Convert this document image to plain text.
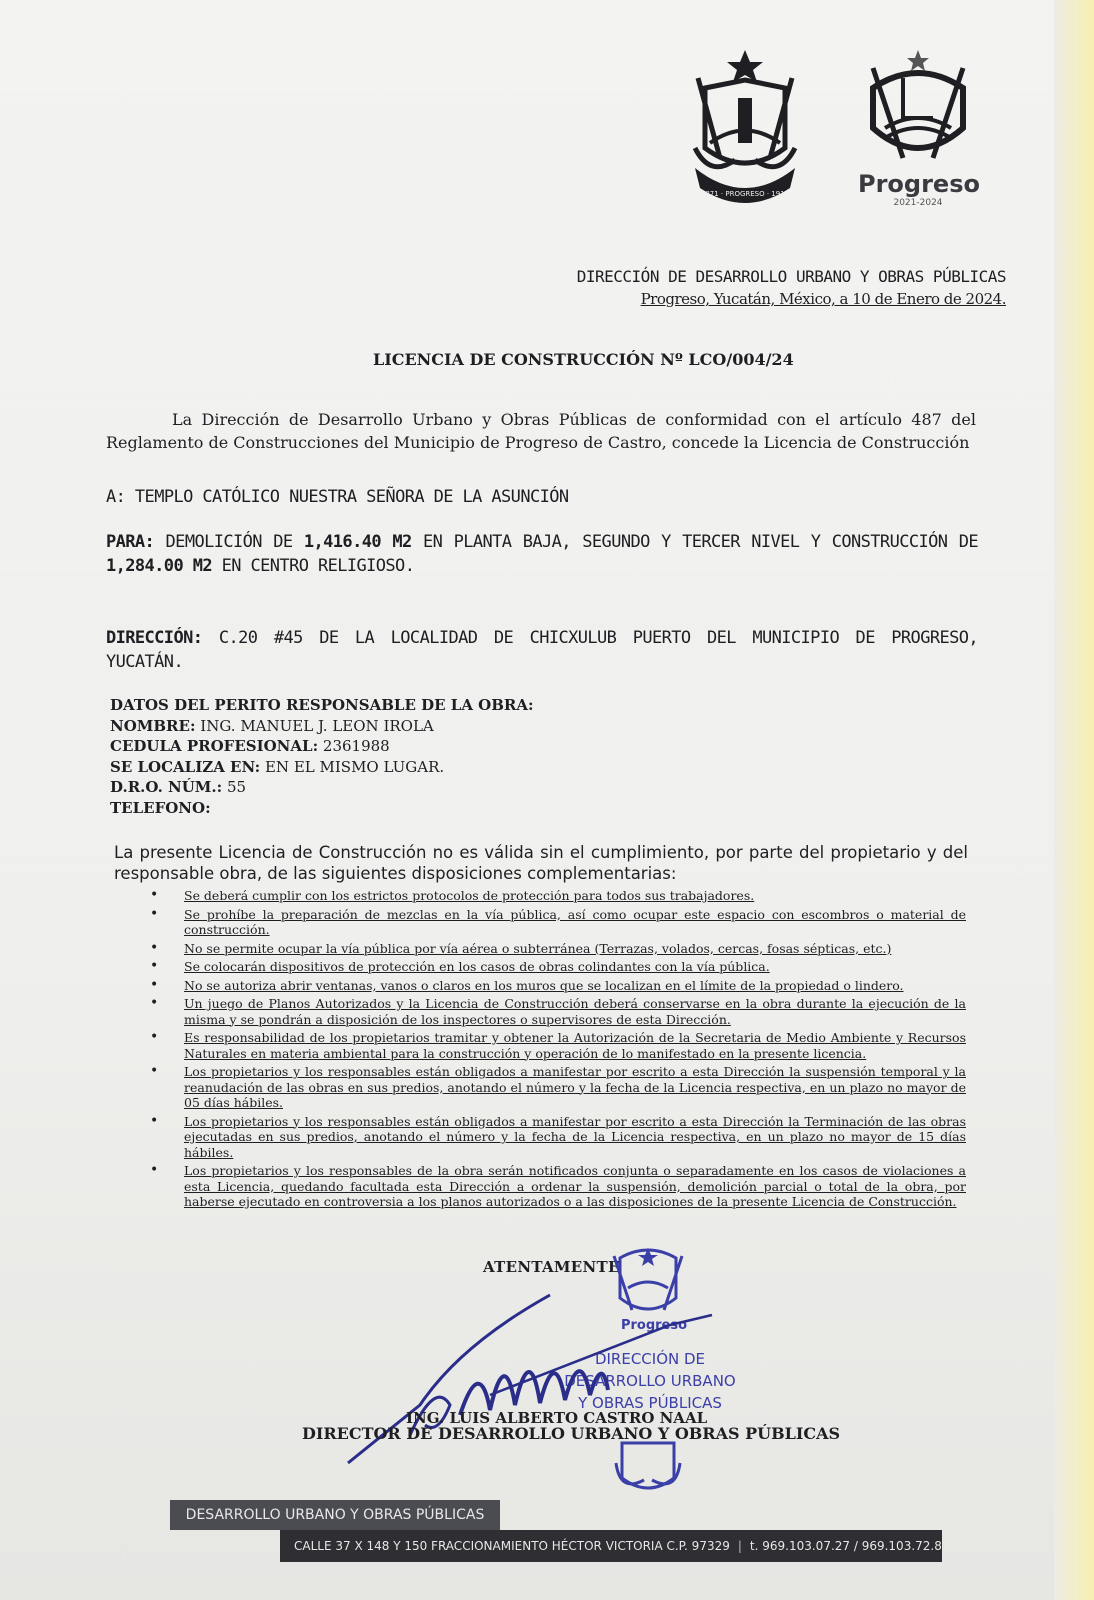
1871 · PROGRESO · 1911	Progreso
2021-2024
DIRECCIÓN DE DESARROLLO URBANO Y OBRAS PÚBLICAS
Progreso, Yucatán, México, a 10 de Enero de 2024.
LICENCIA DE CONSTRUCCIÓN Nº LCO/004/24
La Dirección de Desarrollo Urbano y Obras Públicas de conformidad con el artículo 487 del Reglamento de Construcciones del Municipio de Progreso de Castro, concede la Licencia de Construcción
A: TEMPLO CATÓLICO NUESTRA SEÑORA DE LA ASUNCIÓN
PARA: DEMOLICIÓN DE 1,416.40 M2 EN PLANTA BAJA, SEGUNDO Y TERCER NIVEL Y CONSTRUCCIÓN DE 1,284.00 M2 EN CENTRO RELIGIOSO.
DIRECCIÓN: C.20 #45 DE LA LOCALIDAD DE CHICXULUB PUERTO DEL MUNICIPIO DE PROGRESO, YUCATÁN.
DATOS DEL PERITO RESPONSABLE DE LA OBRA:
NOMBRE: ING. MANUEL J. LEON IROLA
CEDULA PROFESIONAL: 2361988
SE LOCALIZA EN: EN EL MISMO LUGAR.
D.R.O. NÚM.: 55
TELEFONO:
La presente Licencia de Construcción no es válida sin el cumplimiento, por parte del propietario y del responsable obra, de las siguientes disposiciones complementarias:
• Se deberá cumplir con los estrictos protocolos de protección para todos sus trabajadores.
• Se prohíbe la preparación de mezclas en la vía pública, así como ocupar este espacio con escombros o material de construcción.
• No se permite ocupar la vía pública por vía aérea o subterránea (Terrazas, volados, cercas, fosas sépticas, etc.)
• Se colocarán dispositivos de protección en los casos de obras colindantes con la vía pública.
• No se autoriza abrir ventanas, vanos o claros en los muros que se localizan en el límite de la propiedad o lindero.
• Un juego de Planos Autorizados y la Licencia de Construcción deberá conservarse en la obra durante la ejecución de la misma y se pondrán a disposición de los inspectores o supervisores de esta Dirección.
• Es responsabilidad de los propietarios tramitar y obtener la Autorización de la Secretaria de Medio Ambiente y Recursos Naturales en materia ambiental para la construcción y operación de lo manifestado en la presente licencia.
• Los propietarios y los responsables están obligados a manifestar por escrito a esta Dirección la suspensión temporal y la reanudación de las obras en sus predios, anotando el número y la fecha de la Licencia respectiva, en un plazo no mayor de 05 días hábiles.
• Los propietarios y los responsables están obligados a manifestar por escrito a esta Dirección la Terminación de las obras ejecutadas en sus predios, anotando el número y la fecha de la Licencia respectiva, en un plazo no mayor de 15 días hábiles.
• Los propietarios y los responsables de la obra serán notificados conjunta o separadamente en los casos de violaciones a esta Licencia, quedando facultada esta Dirección a ordenar la suspensión, demolición parcial o total de la obra, por haberse ejecutado en controversia a los planos autorizados o a las disposiciones de la presente Licencia de Construcción.
ATENTAMENTE
Progreso
DIRECCIÓN DE DESARROLLO URBANO Y OBRAS PÚBLICAS
ING. LUIS ALBERTO CASTRO NAAL
DIRECTOR DE DESARROLLO URBANO Y OBRAS PÚBLICAS
DESARROLLO URBANO Y OBRAS PÚBLICAS
CALLE 37 X 148 Y 150 FRACCIONAMIENTO HÉCTOR VICTORIA C.P. 97329 | t. 969.103.07.27 / 969.103.72.80
